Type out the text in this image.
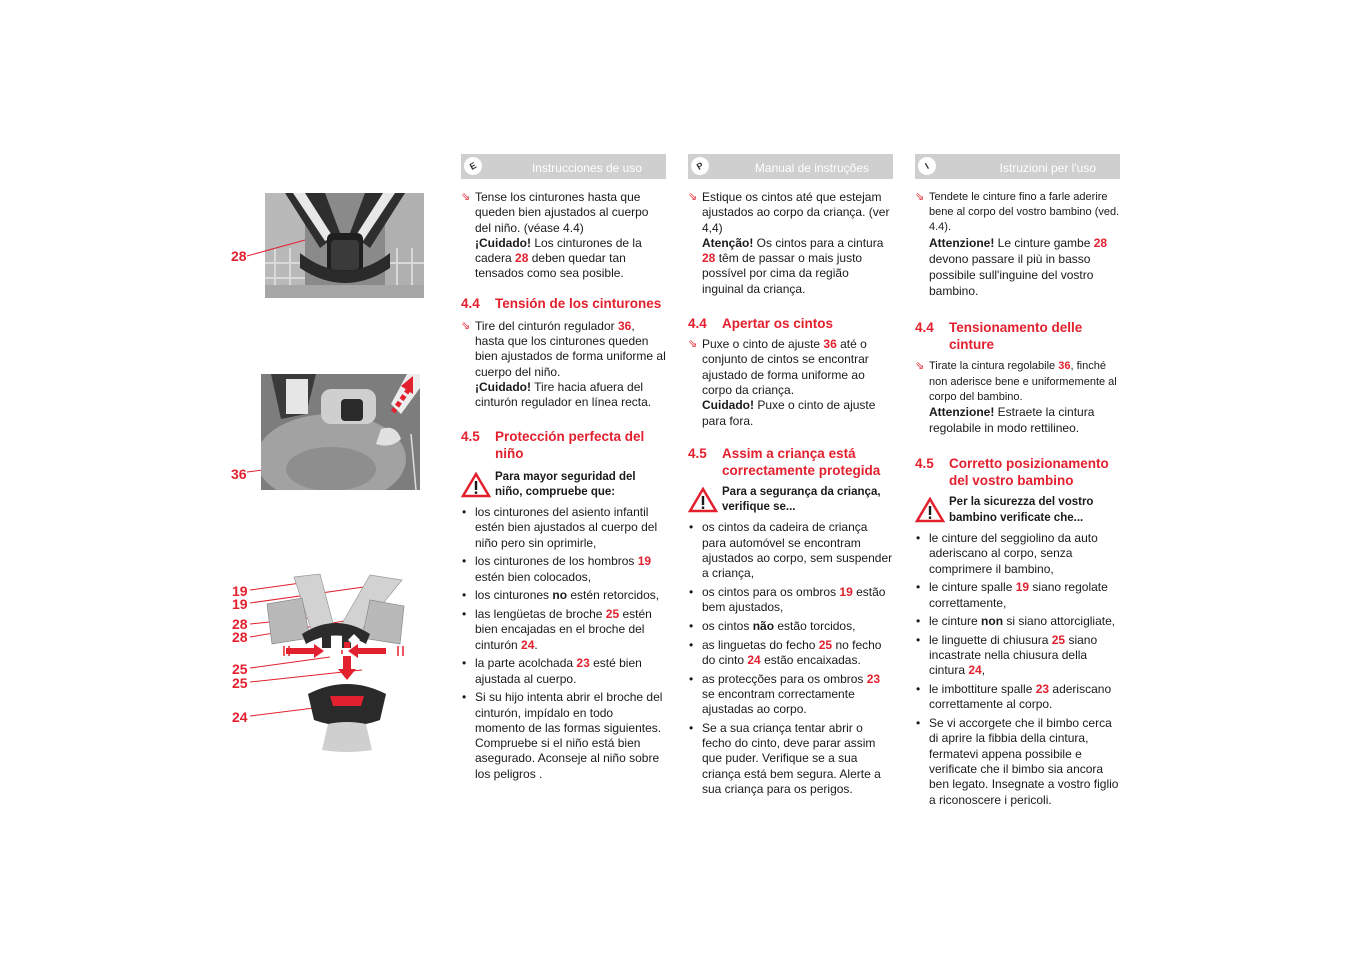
28
36
19
19
28
28
25
25
24
E	Instrucciones de uso
⇘ Tense los cinturones hasta que queden bien ajustados al cuerpo del niño. (véase 4.4)
¡Cuidado! Los cinturones de la cadera 28 deben quedar tan tensados como sea posible.
4.4	Tensión de los cinturones
⇘ Tire del cinturón regulador 36, hasta que los cinturones queden bien ajustados de forma uniforme al cuerpo del niño.
¡Cuidado! Tire hacia afuera del cinturón regulador en línea recta.
4.5	Protección perfecta del niño
Para mayor seguridad del niño, compruebe que:
• los cinturones del asiento infantil estén bien ajustados al cuerpo del niño pero sin oprimirle,
• los cinturones de los hombros 19 estén bien colocados,
• los cinturones no estén retorcidos,
• las lengüetas de broche 25 estén bien encajadas en el broche del cinturón 24.
• la parte acolchada 23 esté bien ajustada al cuerpo.
• Si su hijo intenta abrir el broche del cinturón, impídalo en todo momento de las formas siguientes. Compruebe si el niño está bien asegurado. Aconseje al niño sobre los peligros .
P	Manual de instruções
⇘ Estique os cintos até que estejam ajustados ao corpo da criança. (ver 4,4)
Atenção! Os cintos para a cintura 28 têm de passar o mais justo possível por cima da região inguinal da criança.
4.4	Apertar os cintos
⇘ Puxe o cinto de ajuste 36 até o conjunto de cintos se encontrar ajustado de forma uniforme ao corpo da criança.
Cuidado! Puxe o cinto de ajuste para fora.
4.5	Assim a criança está correctamente protegida
Para a segurança da criança, verifique se...
• os cintos da cadeira de criança para automóvel se encontram ajustados ao corpo, sem suspender a criança,
• os cintos para os ombros 19 estão bem ajustados,
• os cintos não estão torcidos,
• as linguetas do fecho 25 no fecho do cinto 24 estão encaixadas.
• as protecções para os ombros 23 se encontram correctamente ajustadas ao corpo.
• Se a sua criança tentar abrir o fecho do cinto, deve parar assim que puder. Verifique se a sua criança está bem segura. Alerte a sua criança para os perigos.
I	Istruzioni per l'uso
⇘ Tendete le cinture fino a farle aderire bene al corpo del vostro bambino (ved. 4.4).
Attenzione! Le cinture gambe 28 devono passare il più in basso possibile sull'inguine del vostro bambino.
4.4	Tensionamento delle cinture
⇘ Tirate la cintura regolabile 36, finché non aderisce bene e uniformemente al corpo del bambino.
Attenzione! Estraete la cintura regolabile in modo rettilineo.
4.5	Corretto posizionamento del vostro bambino
Per la sicurezza del vostro bambino verificate che...
• le cinture del seggiolino da auto aderiscano al corpo, senza comprimere il bambino,
• le cinture spalle 19 siano regolate correttamente,
• le cinture non si siano attorcigliate,
• le linguette di chiusura 25 siano incastrate nella chiusura della cintura 24,
• le imbottiture spalle 23 aderiscano correttamente al corpo.
• Se vi accorgete che il bimbo cerca di aprire la fibbia della cintura, fermatevi appena possibile e verificate che il bimbo sia ancora ben legato. Insegnate a vostro figlio a riconoscere i pericoli.
